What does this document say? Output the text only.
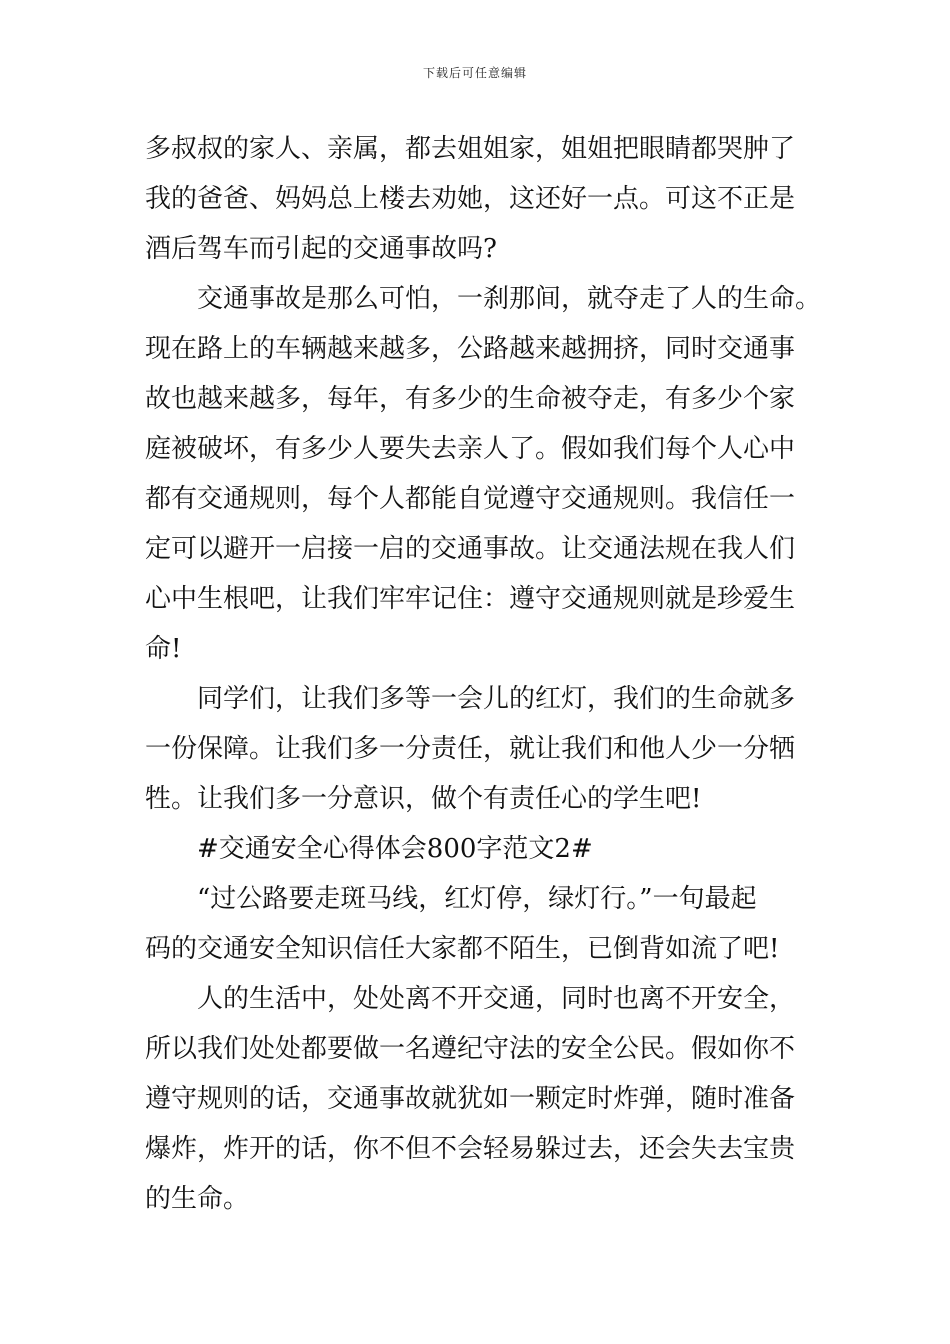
下载后可任意编辑
多叔叔的家人、亲属，都去姐姐家，姐姐把眼睛都哭肿了
我的爸爸、妈妈总上楼去劝她，这还好一点。可这不正是
酒后驾车而引起的交通事故吗?
交通事故是那么可怕，一刹那间，就夺走了人的生命。
现在路上的车辆越来越多，公路越来越拥挤，同时交通事
故也越来越多，每年，有多少的生命被夺走，有多少个家
庭被破坏，有多少人要失去亲人了。假如我们每个人心中
都有交通规则，每个人都能自觉遵守交通规则。我信任一
定可以避开一启接一启的交通事故。让交通法规在我人们
心中生根吧，让我们牢牢记住：遵守交通规则就是珍爱生
命!
同学们，让我们多等一会儿的红灯，我们的生命就多
一份保障。让我们多一分责任，就让我们和他人少一分牺
牲。让我们多一分意识，做个有责任心的学生吧!
#交通安全心得体会800字范文2#
“过公路要走斑马线，红灯停，绿灯行。”一句最起
码的交通安全知识信任大家都不陌生，已倒背如流了吧!
人的生活中，处处离不开交通，同时也离不开安全，
所以我们处处都要做一名遵纪守法的安全公民。假如你不
遵守规则的话，交通事故就犹如一颗定时炸弹，随时准备
爆炸，炸开的话，你不但不会轻易躲过去，还会失去宝贵
的生命。
